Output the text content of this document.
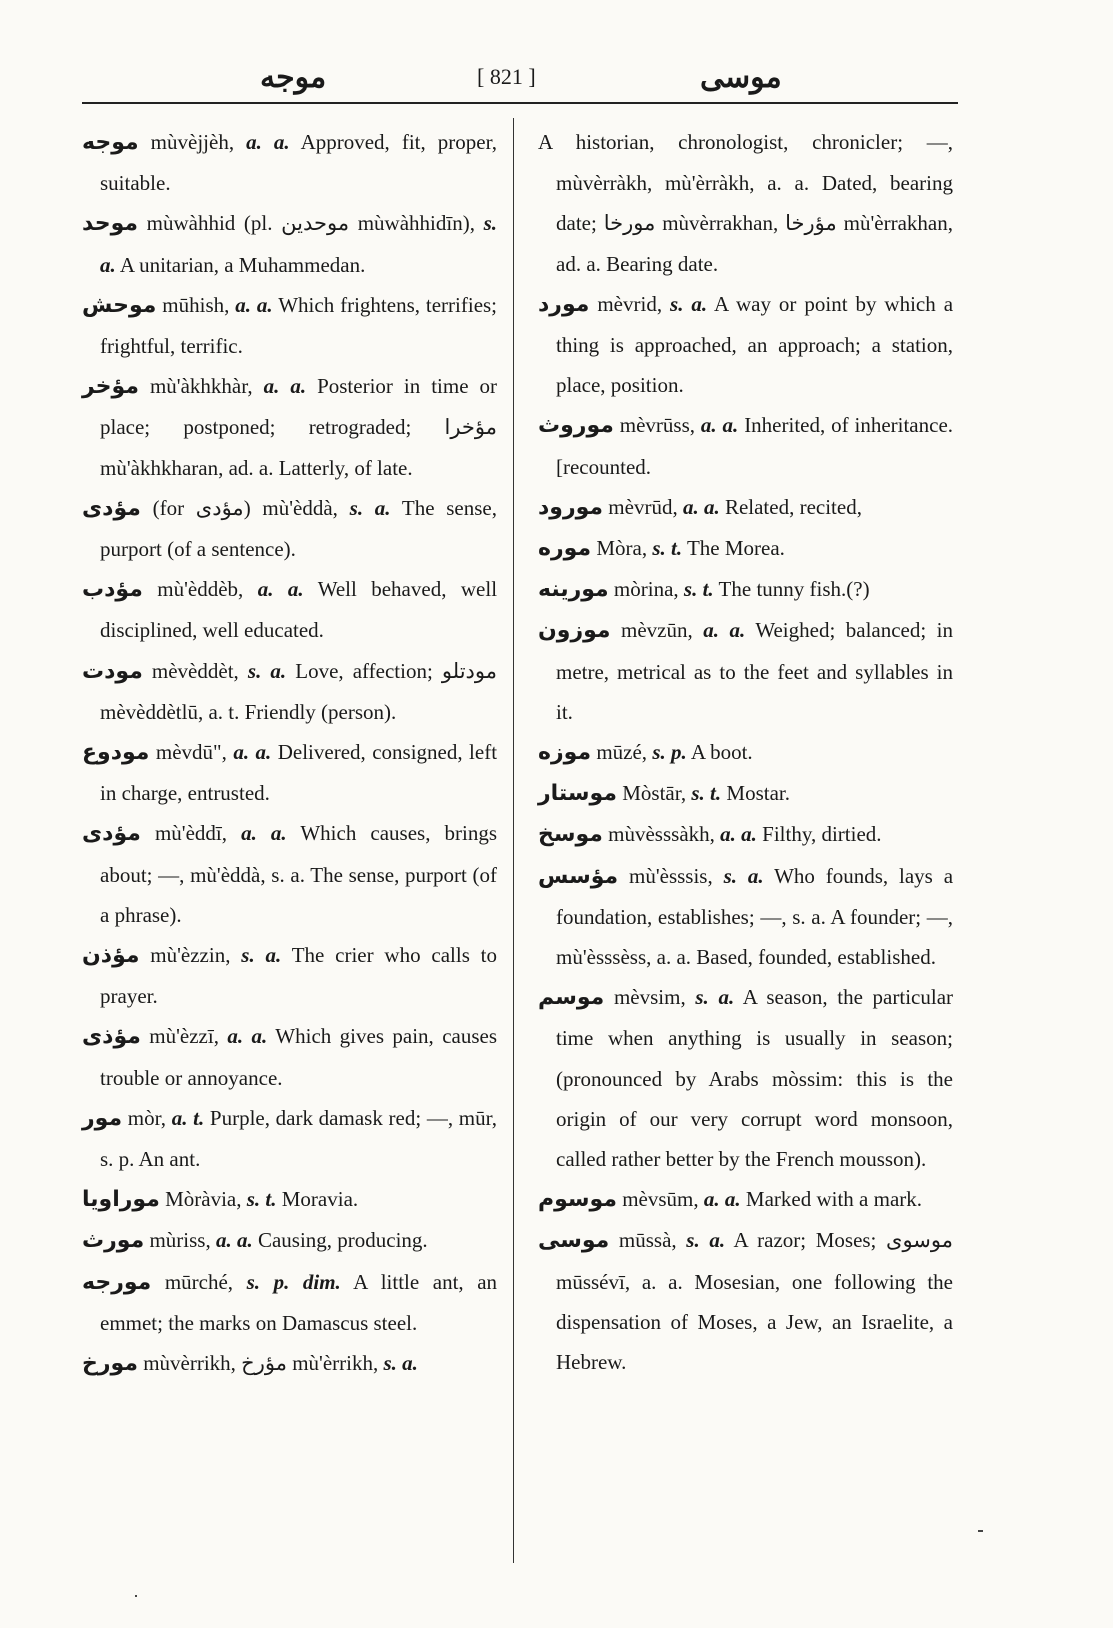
موجه	[ 821 ]	موسى
موجه mùvèjjèh, a. a. Approved, fit, proper, suitable.
موحد mùwàhhid (pl. موحدين mùwàhhidīn), s. a. A unitarian, a Muhammedan.
موحش mūhish, a. a. Which frightens, terrifies; frightful, terrific.
مؤخر mù'àkhkhàr, a. a. Posterior in time or place; postponed; retrograded; مؤخرا mù'àkhkharan, ad. a. Latterly, of late.
مؤدى (for مؤدى) mù'èddà, s. a. The sense, purport (of a sentence).
مؤدب mù'èddèb, a. a. Well behaved, well disciplined, well educated.
مودت mèvèddèt, s. a. Love, affection; مودتلو mèvèddètlū, a. t. Friendly (person).
مودوع mèvdū", a. a. Delivered, consigned, left in charge, entrusted.
مؤدى mù'èddī, a. a. Which causes, brings about; —, mù'èddà, s. a. The sense, purport (of a phrase).
مؤذن mù'èzzin, s. a. The crier who calls to prayer.
مؤذى mù'èzzī, a. a. Which gives pain, causes trouble or annoyance.
مور mòr, a. t. Purple, dark damask red; —, mūr, s. p. An ant.
موراويا Mòràvia, s. t. Moravia.
مورث mùriss, a. a. Causing, producing.
مورجه mūrché, s. p. dim. A little ant, an emmet; the marks on Damascus steel.
مورخ mùvèrrikh, مؤرخ mù'èrrikh, s. a.
A historian, chronologist, chronicler; —, mùvèrràkh, mù'èrràkh, a. a. Dated, bearing date; مورخا mùvèrrakhan, مؤرخا mù'èrrakhan, ad. a. Bearing date.
مورد mèvrid, s. a. A way or point by which a thing is approached, an approach; a station, place, position.
موروث mèvrūss, a. a. Inherited, of inheritance. [recounted.
مورود mèvrūd, a. a. Related, recited,
موره Mòra, s. t. The Morea.
مورينه mòrina, s. t. The tunny fish.(?)
موزون mèvzūn, a. a. Weighed; balanced; in metre, metrical as to the feet and syllables in it.
موزه mūzé, s. p. A boot.
موستار Mòstār, s. t. Mostar.
موسخ mùvèsssàkh, a. a. Filthy, dirtied.
مؤسس mù'èsssis, s. a. Who founds, lays a foundation, establishes; —, s. a. A founder; —, mù'èsssèss, a. a. Based, founded, established.
موسم mèvsim, s. a. A season, the particular time when anything is usually in season; (pronounced by Arabs mòssim: this is the origin of our very corrupt word monsoon, called rather better by the French mousson).
موسوم mèvsūm, a. a. Marked with a mark.
موسى mūssà, s. a. A razor; Moses; موسوى mūssévī, a. a. Mosesian, one following the dispensation of Moses, a Jew, an Israelite, a Hebrew.
